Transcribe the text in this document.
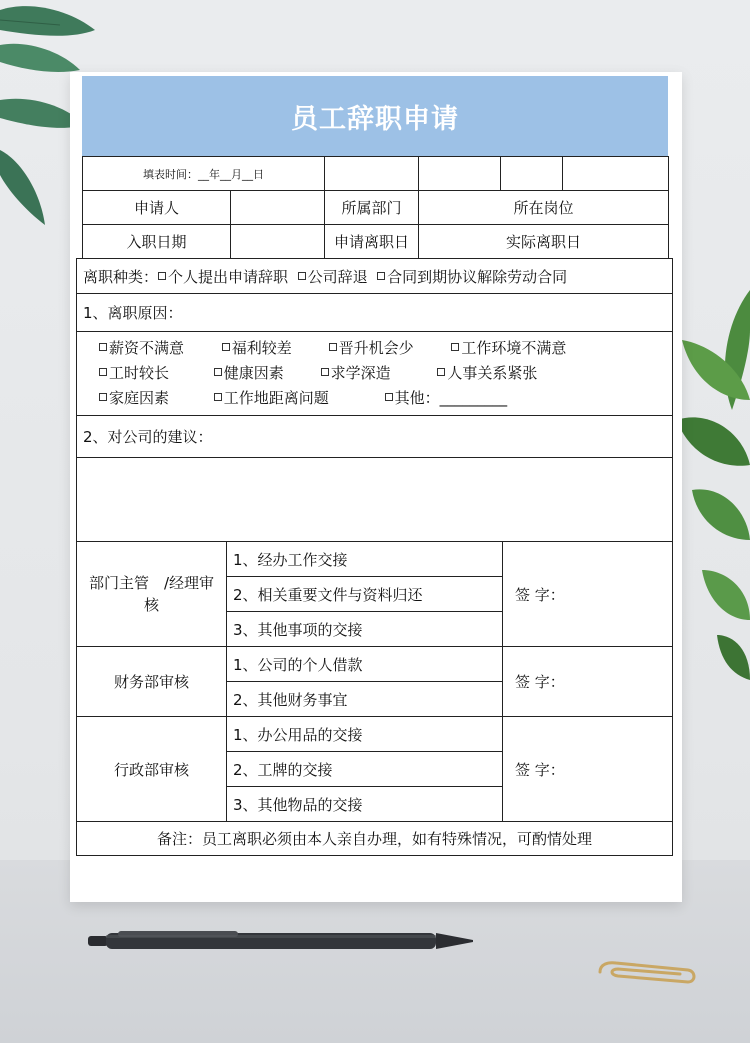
员工辞职申请
填表时间：__年__月__日					
申请人		所属部门	所在岗位		
入职日期		申请离职日	实际离职日		
离职种类： 个人提出申请辞职 公司辞退 合同到期协议解除劳动合同		
1、离职原因：		

薪资不满意 福利较差 晋升机会少 工作环境不满意
工时较长 健康因素 求学深造 人事关系紧张
家庭因素 工作地距离问题 其他：_________		

2、对公司的建议：		

部门主管　/经理审核	1、经办工作交接	签 字：
	2、相关重要文件与资料归还	
	3、其他事项的交接	
财务部审核	1、公司的个人借款	签 字：
	2、其他财务事宜	
行政部审核	1、办公用品的交接	签 字：
	2、工牌的交接	
	3、其他物品的交接	
备注：员工离职必须由本人亲自办理，如有特殊情况，可酌情处理		
